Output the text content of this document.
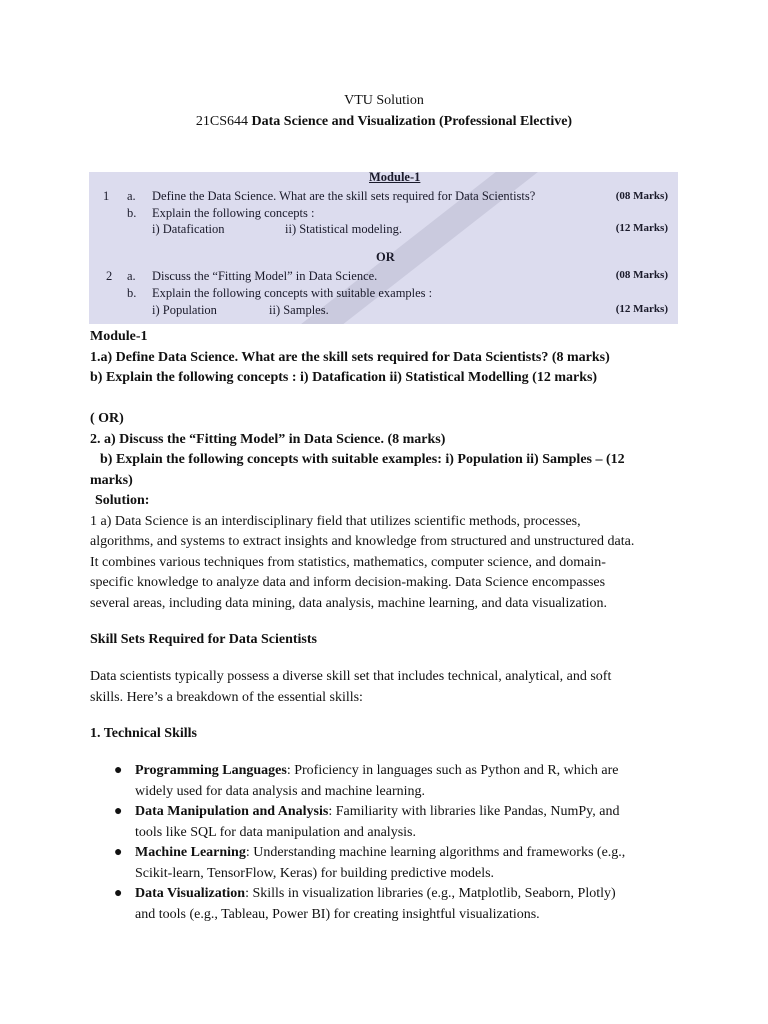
VTU Solution
21CS644 Data Science and Visualization (Professional Elective)
Module-1
1 a. Define the Data Science. What are the skill sets required for Data Scientists?	(08 Marks)
b. Explain the following concepts :
i) Datafication	ii) Statistical modeling.	(12 Marks)
OR
2 a. Discuss the “Fitting Model” in Data Science.	(08 Marks)
b. Explain the following concepts with suitable examples :
i) Population	ii) Samples.	(12 Marks)
Module-1
1.a) Define Data Science. What are the skill sets required for Data Scientists? (8 marks)
b) Explain the following concepts : i) Datafication ii) Statistical Modelling (12 marks)
( OR)
2. a) Discuss the “Fitting Model” in Data Science. (8 marks)
b) Explain the following concepts with suitable examples: i) Population ii) Samples – (12
marks)
Solution:
1 a) Data Science is an interdisciplinary field that utilizes scientific methods, processes,
algorithms, and systems to extract insights and knowledge from structured and unstructured data.
It combines various techniques from statistics, mathematics, computer science, and domain-
specific knowledge to analyze data and inform decision-making. Data Science encompasses
several areas, including data mining, data analysis, machine learning, and data visualization.
Skill Sets Required for Data Scientists
Data scientists typically possess a diverse skill set that includes technical, analytical, and soft
skills. Here’s a breakdown of the essential skills:
1. Technical Skills
● Programming Languages: Proficiency in languages such as Python and R, which are
widely used for data analysis and machine learning.
● Data Manipulation and Analysis: Familiarity with libraries like Pandas, NumPy, and
tools like SQL for data manipulation and analysis.
● Machine Learning: Understanding machine learning algorithms and frameworks (e.g.,
Scikit-learn, TensorFlow, Keras) for building predictive models.
● Data Visualization: Skills in visualization libraries (e.g., Matplotlib, Seaborn, Plotly)
and tools (e.g., Tableau, Power BI) for creating insightful visualizations.
